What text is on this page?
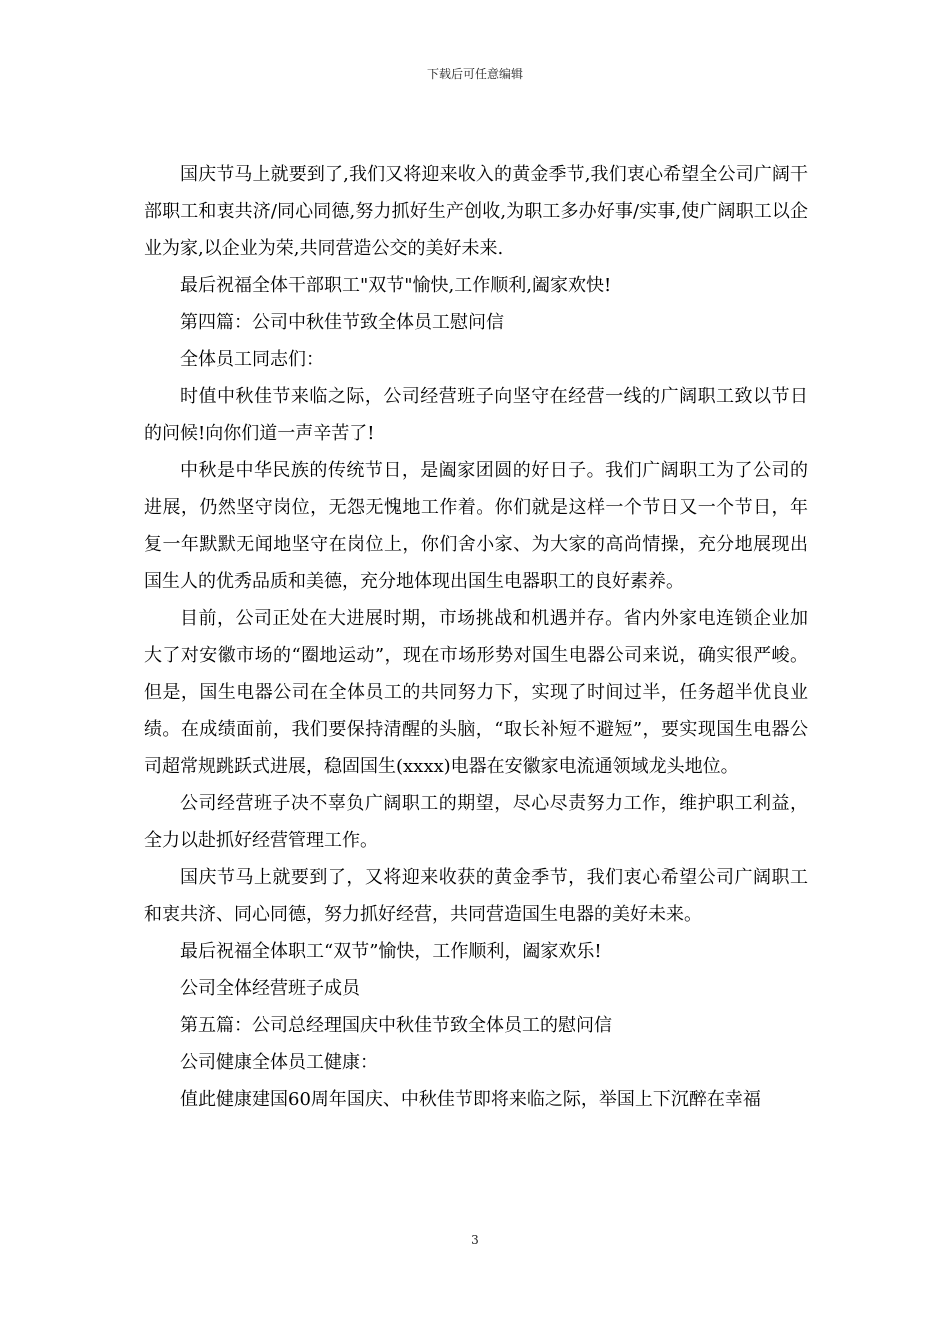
下载后可任意编辑

国庆节马上就要到了,我们又将迎来收入的黄金季节,我们衷心希望全公司广阔干部职工和衷共济/同心同德,努力抓好生产创收,为职工多办好事/实事,使广阔职工以企业为家,以企业为荣,共同营造公交的美好未来.

最后祝福全体干部职工"双节"愉快,工作顺利,阖家欢快!

第四篇：公司中秋佳节致全体员工慰问信

全体员工同志们：

时值中秋佳节来临之际，公司经营班子向坚守在经营一线的广阔职工致以节日的问候!向你们道一声辛苦了!

中秋是中华民族的传统节日，是阖家团圆的好日子。我们广阔职工为了公司的进展，仍然坚守岗位，无怨无愧地工作着。你们就是这样一个节日又一个节日，年复一年默默无闻地坚守在岗位上，你们舍小家、为大家的高尚情操，充分地展现出国生人的优秀品质和美德，充分地体现出国生电器职工的良好素养。

目前，公司正处在大进展时期，市场挑战和机遇并存。省内外家电连锁企业加大了对安徽市场的“圈地运动”，现在市场形势对国生电器公司来说，确实很严峻。但是，国生电器公司在全体员工的共同努力下，实现了时间过半，任务超半优良业绩。在成绩面前，我们要保持清醒的头脑，“取长补短不避短”，要实现国生电器公司超常规跳跃式进展，稳固国生(xxxx)电器在安徽家电流通领域龙头地位。

公司经营班子决不辜负广阔职工的期望，尽心尽责努力工作，维护职工利益，全力以赴抓好经营管理工作。

国庆节马上就要到了，又将迎来收获的黄金季节，我们衷心希望公司广阔职工和衷共济、同心同德，努力抓好经营，共同营造国生电器的美好未来。

最后祝福全体职工“双节”愉快，工作顺利，阖家欢乐!

公司全体经营班子成员

第五篇：公司总经理国庆中秋佳节致全体员工的慰问信

公司健康全体员工健康：

值此健康建国60周年国庆、中秋佳节即将来临之际，举国上下沉醉在幸福

3
